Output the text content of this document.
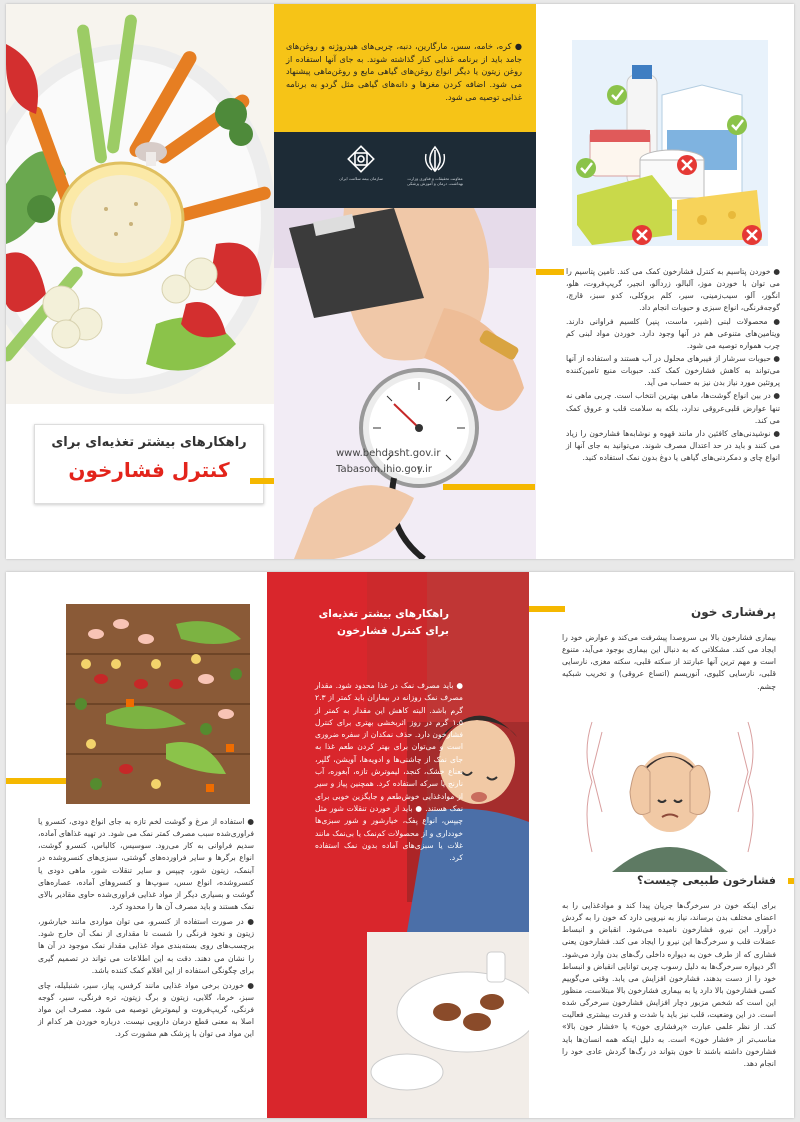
راهکارهای بیشتر تغذیه‌ای برای
کنترل فشارخون
● کره، خامه، سس، مارگارین، دنبه، چربی‌های هیدروژنه و روغن‌های جامد باید از برنامه غذایی کنار گذاشته شوند. به جای آنها استفاده از روغن زیتون یا دیگر انواع روغن‌های گیاهی مایع و روغن‌ماهی پیشنهاد می شود. اضافه کردن مغزها و دانه‌های گیاهی مثل گردو به برنامه غذایی توصیه می شود.
معاونت تحقیقات و فناوری وزارت بهداشت، درمان و آموزش پزشکی
سازمان بیمه سلامت ایران
www.behdasht.gov.ir
Tabasom.ihio.gov.ir

● خوردن پتاسیم به کنترل فشارخون کمک می کند. تامین پتاسیم را می توان با خوردن موز، آلبالو، زردآلو، انجیر، گریپ‌فروت، هلو، انگور، آلو، سیب‌زمینی، سیر، کلم بروکلی، کدو سبز، قارچ، گوجه‌فرنگی، انواع سبزی و حبوبات انجام داد.

● محصولات لبنی (شیر، ماست، پنیر) کلسیم فراوانی دارند. ویتامین‌های متنوعی هم در آنها وجود دارد. خوردن مواد لبنی کم چرب همواره توصیه می شود.

● حبوبات سرشار از فیبرهای محلول در آب هستند و استفاده از آنها می‌تواند به کاهش فشارخون کمک کند. حبوبات منبع تامین‌کننده پروتئین مورد نیاز بدن نیز به حساب می آید.

● در بین انواع گوشت‌ها، ماهی بهترین انتخاب است. چربی ماهی نه تنها عوارض قلبی‌عروقی ندارد، بلکه به سلامت قلب و عروق کمک می کند.

● نوشیدنی‌های کافئین دار مانند قهوه و نوشابه‌ها فشارخون را زیاد می کنند و باید در حد اعتدال مصرف شوند. می‌توانید به جای آنها از انواع چای و دمکردنی‌های گیاهی یا دوغ بدون نمک استفاده کنید.

● استفاده از مرغ و گوشت لخم تازه به جای انواع دودی، کنسرو یا فراوری‌شده سبب مصرف کمتر نمک می شود. در تهیه غذاهای آماده، سدیم فراوانی به کار می‌رود. سوسیس، کالباس، کنسرو گوشت، انواع برگرها و سایر فراورده‌های گوشتی، سبزی‌های کنسروشده در آبنمک، زیتون شور، چیپس و سایر تنقلات شور، ماهی دودی یا کنسروشده، انواع سس، سوپ‌ها و کنسروهای آماده، عصاره‌های گوشت و بسیاری دیگر از مواد غذایی فراوری‌شده حاوی مقادیر بالای نمک هستند و باید مصرف آن ها را محدود کرد.

● در صورت استفاده از کنسرو، می توان مواردی مانند خیارشور، زیتون و نخود فرنگی را شست تا مقداری از نمک آن خارج شود. برچسب‌های روی بسته‌بندی مواد غذایی مقدار نمک موجود در آن ها را نشان می دهند. دقت به این اطلاعات می تواند در تصمیم گیری برای چگونگی استفاده از این اقلام کمک کننده باشد.

● خوردن برخی مواد غذایی مانند کرفس، پیاز، سیر، شنبلیله، چای سبز، خرما، گلابی، زیتون و برگ زیتون، تره فرنگی، سیر، گوجه فرنگی، گریپ‌فروت و لیموترش توصیه می شود. مصرف این مواد اصلا به معنی قطع درمان دارویی نیست. درباره خوردن هر کدام از این مواد می توان با پزشک هم مشورت کرد.

راهکارهای بیشتر تغذیه‌ای برای کنترل فشارخون
● باید مصرف نمک در غذا محدود شود. مقدار مصرف نمک روزانه در بیماران باید کمتر از ۲.۳ گرم باشد. البته کاهش این مقدار به کمتر از ۱.۵ گرم در روز اثربخشی بهتری برای کنترل فشارخون دارد. حذف نمکدان از سفره ضروری است و می‌توان برای بهتر کردن طعم غذا به جای نمک از چاشنی‌ها و ادویه‌ها، آویشن، گلپر، نعناع خشک، کنجد، لیموترش تازه، آبغوره، آب نارنج یا سرکه استفاده کرد. همچنین پیاز و سیر از موادغذایی خوش‌طعم و جایگزین خوبی برای نمک هستند. ● باید از خوردن تنقلات شور مثل چیپس، انواع پفک، خیارشور و شور سبزی‌ها خودداری و از محصولات کم‌نمک یا بی‌نمک مانند غلات یا سبزی‌های آماده بدون نمک استفاده کرد.
پرفشاری خون
بیماری فشارخون بالا بی سروصدا پیشرفت می‌کند و عوارض خود را ایجاد می کند. مشکلاتی که به دنبال این بیماری بوجود می‌آید، متنوع است و مهم ترین آنها عبارتند از سکته قلبی، سکته مغزی، نارسایی قلبی، نارسایی کلیوی، آنوریسم (اتساع عروقی) و تخریب شبکیه چشم.
فشارخون طبیعی چیست؟
برای اینکه خون در سرخرگ‌ها جریان پیدا کند و موادغذایی را به اعضای مختلف بدن برساند، نیاز به نیرویی دارد که خون را به گردش درآورد. این نیرو، فشارخون نامیده می‌شود. انقباض و انبساط عضلات قلب و سرخرگ‌ها این نیرو را ایجاد می کند. فشارخون یعنی فشاری که از طرف خون به دیواره داخلی رگ‌های بدن وارد می‌شود. اگر دیواره سرخرگ‌ها به دلیل رسوب چربی توانایی انقباض و انبساط خود را از دست بدهند، فشارخون افزایش می یابد. وقتی می‌گوییم کسی فشارخون بالا دارد یا به بیماری فشارخون بالا مبتلاست، منظور این است که شخص مزبور دچار افزایش فشارخون سرخرگی شده است. در این وضعیت، قلب نیز باید با شدت و قدرت بیشتری فعالیت کند. از نظر علمی عبارت «پرفشاری خون» یا «فشار خون بالا» مناسب‌تر از «فشار خون» است. به دلیل اینکه همه انسان‌ها باید فشارخون داشته باشند تا خون بتواند در رگ‌ها گردش عادی خود را انجام دهد.
